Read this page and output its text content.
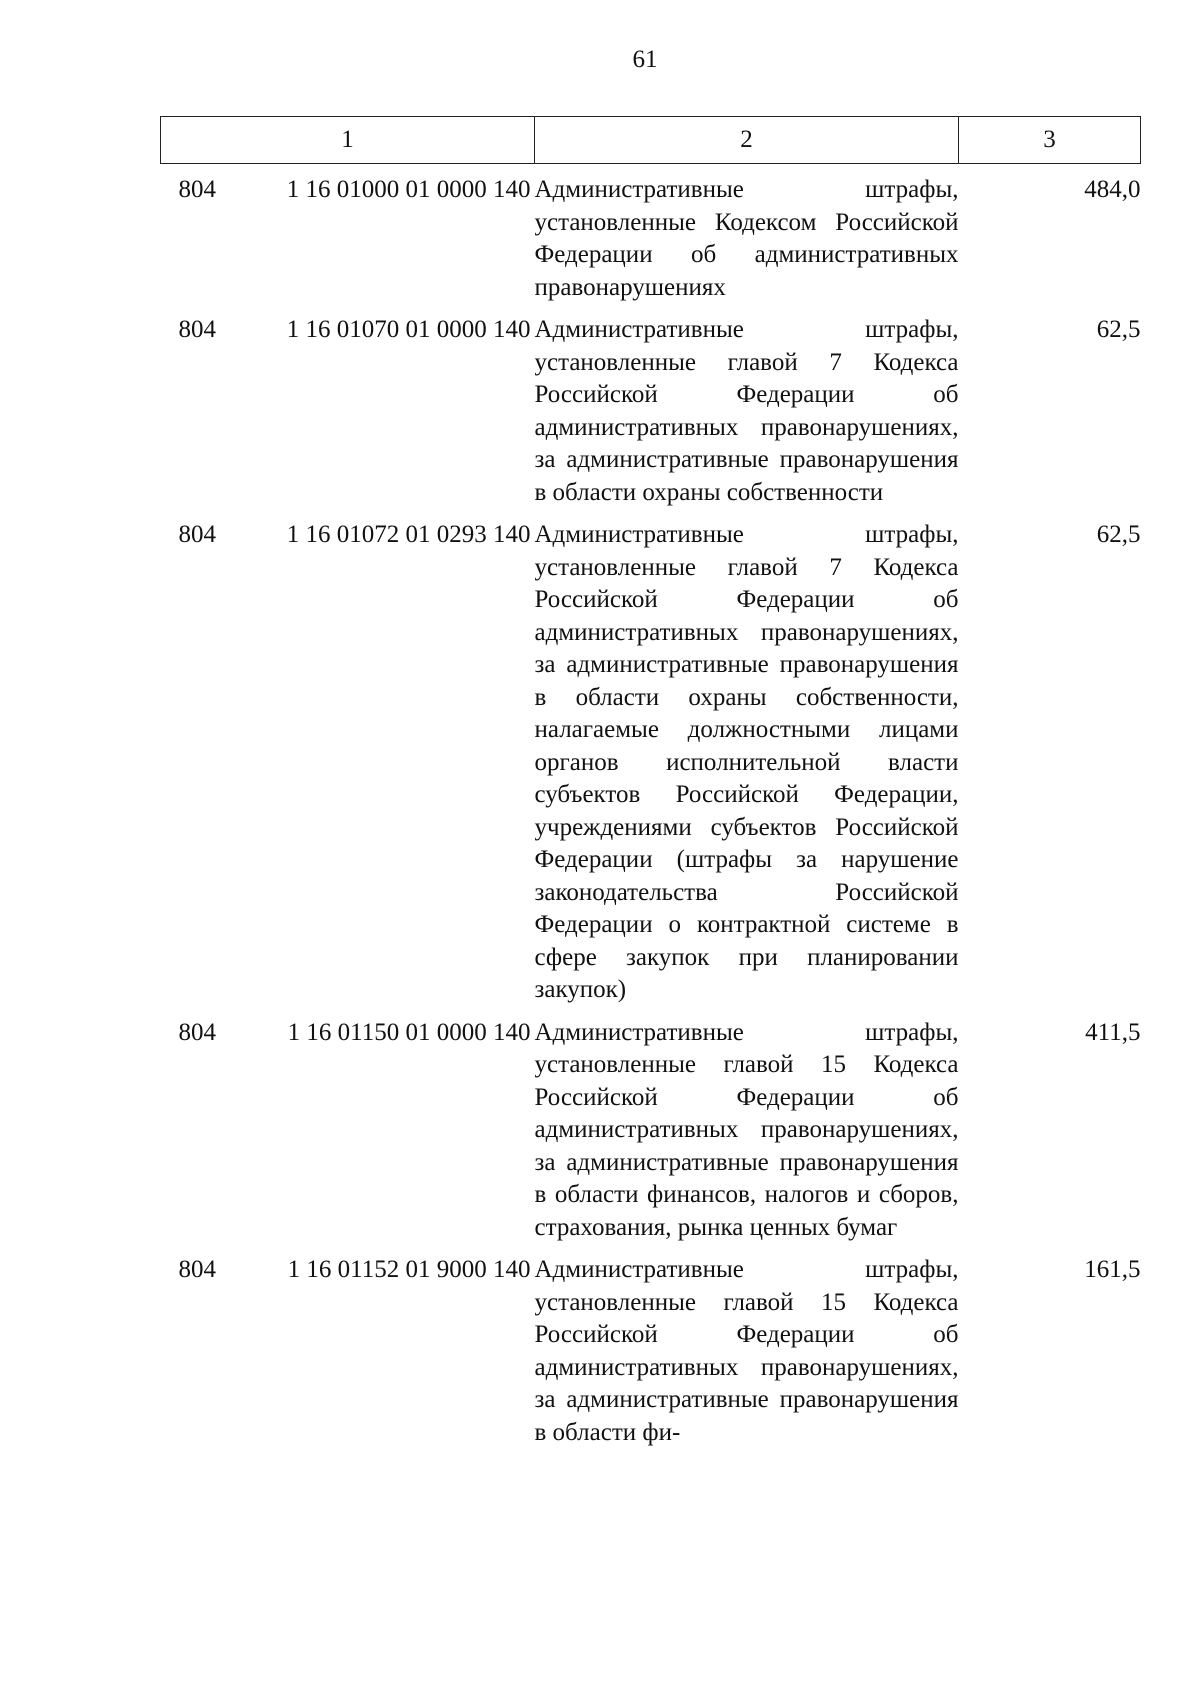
61
1	2	3

804 1 16 01000 01 0000 140	Административные штрафы, установленные Кодексом Российской Федерации об административных правонарушениях	484,0

804 1 16 01070 01 0000 140	Административные штрафы, установленные главой 7 Кодекса Российской Федерации об административных правонарушениях, за административные правонарушения в области охраны собственности	62,5

804 1 16 01072 01 0293 140	Административные штрафы, установленные главой 7 Кодекса Российской Федерации об административных правонарушениях, за административные правонарушения в области охраны собственности, налагаемые должностными лицами органов исполнительной власти субъектов Российской Федерации, учреждениями субъектов Российской Федерации (штрафы за нарушение законодательства Российской Федерации о контрактной системе в сфере закупок при планировании закупок)	62,5

804 1 16 01150 01 0000 140	Административные штрафы, установленные главой 15 Кодекса Российской Федерации об административных правонарушениях, за административные правонарушения в области финансов, налогов и сборов, страхования, рынка ценных бумаг	411,5

804 1 16 01152 01 9000 140	Административные штрафы, установленные главой 15 Кодекса Российской Федерации об административных правонарушениях, за административные правонарушения в области фи-	161,5
